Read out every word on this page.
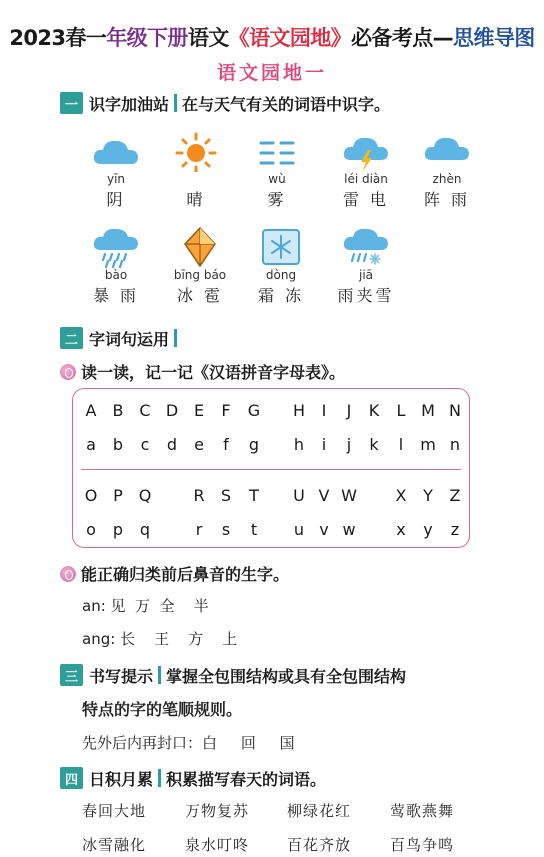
2023春一年级下册语文《语文园地》必备考点—思维导图
语文园地一
一 识字加油站 在与天气有关的词语中识字。
yīn
阴	晴
wù
雾
léi diàn
雷 电
zhèn
阵 雨
bào
暴 雨
bīng báo
冰 雹
dòng
霜 冻
jiā
雨夹雪
二 字词句运用
读一读，记一记《汉语拼音字母表》。
A B C D E	F	G H	I	J	K	L M N
a	b	c	d	e	f	g	h	i	j	k	l	m n
O P Q	R	S	T	U V W X	Y	Z
o	p	q	r	s	t	u v w	x	y	z
能正确归类前后鼻音的生字。
an: 见  万  全    半
ang: 长    王    方    上
三 书写提示 掌握全包围结构或具有全包围结构
特点的字的笔顺规则。
先外后内再封口：白     回     国
四 日积月累 积累描写春天的词语。
春回大地	万物复苏	柳绿花红	莺歌燕舞
冰雪融化	泉水叮咚	百花齐放	百鸟争鸣
